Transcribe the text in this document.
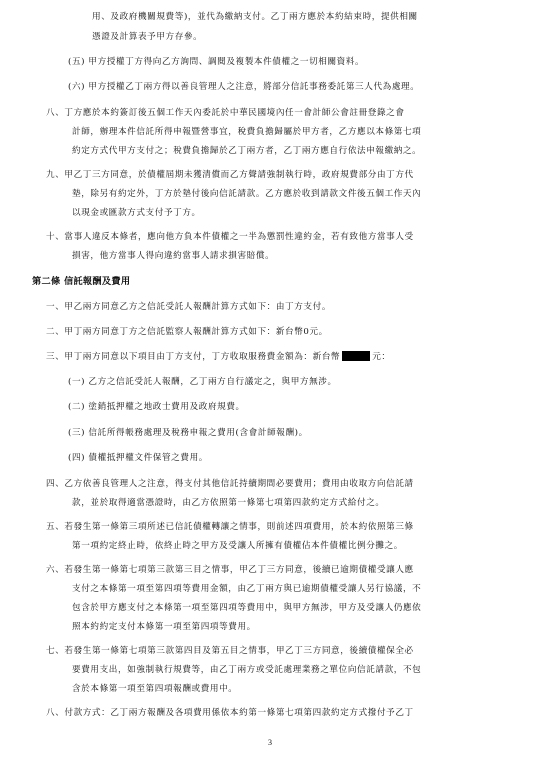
用、及政府機關規費等)，並代為繳納支付。乙丁兩方應於本約結束時，提供相關
憑證及計算表予甲方存參。
(五) 甲方授權丁方得向乙方詢問、調閱及複製本件債權之一切相關資料。
(六) 甲方授權乙丁兩方得以善良管理人之注意，將部分信託事務委託第三人代為處理。
八、丁方應於本約簽訂後五個工作天內委託於中華民國境內任一會計師公會註冊登錄之會
計師，辦理本件信託所得申報暨營事宜，稅費負擔歸屬於甲方者，乙方應以本條第七項
約定方式代甲方支付之；稅費負擔歸於乙丁兩方者，乙丁兩方應自行依法申報繳納之。
九、甲乙丁三方同意，於債權屆期未獲清償而乙方聲請強制執行時，政府規費部分由丁方代
墊，除另有約定外，丁方於墊付後向信託請款。乙方應於收到請款文件後五個工作天內
以現金或匯款方式支付予丁方。
十、當事人違反本條者，應向他方負本件債權之一半為懲罰性違約金，若有致他方當事人受
損害，他方當事人得向違約當事人請求損害賠償。
第二條 信託報酬及費用
一、甲乙兩方同意乙方之信託受託人報酬計算方式如下：由丁方支付。
二、甲丁兩方同意丁方之信託監察人報酬計算方式如下：新台幣0元。
三、甲丁兩方同意以下項目由丁方支付，丁方收取服務費金額為：新台幣	元：
(一) 乙方之信託受託人報酬，乙丁兩方自行議定之，與甲方無涉。
(二) 塗銷抵押權之地政士費用及政府規費。
(三) 信託所得帳務處理及稅務申報之費用(含會計師報酬)。
(四) 債權抵押權文件保管之費用。
四、乙方依善良管理人之注意，得支付其他信託持續期間必要費用；費用由收取方向信託請
款，並於取得適當憑證時，由乙方依照第一條第七項第四款約定方式給付之。
五、若發生第一條第三項所述已信託債權轉讓之情事，則前述四項費用，於本約依照第三條
第一項約定終止時，依終止時之甲方及受讓人所擁有債權佔本件債權比例分攤之。
六、若發生第一條第七項第三款第三目之情事，甲乙丁三方同意，後續已逾期債權受讓人應
支付之本條第一項至第四項等費用金額，由乙丁兩方與已逾期債權受讓人另行協議，不
包含於甲方應支付之本條第一項至第四項等費用中，與甲方無涉，甲方及受讓人仍應依
照本約約定支付本條第一項至第四項等費用。
七、若發生第一條第七項第三款第四目及第五目之情事，甲乙丁三方同意，後續債權保全必
要費用支出，如強制執行規費等，由乙丁兩方或受託處理業務之單位向信託請款，不包
含於本條第一項至第四項報酬或費用中。
八、付款方式：乙丁兩方報酬及各項費用係依本約第一條第七項第四款約定方式撥付予乙丁
3
